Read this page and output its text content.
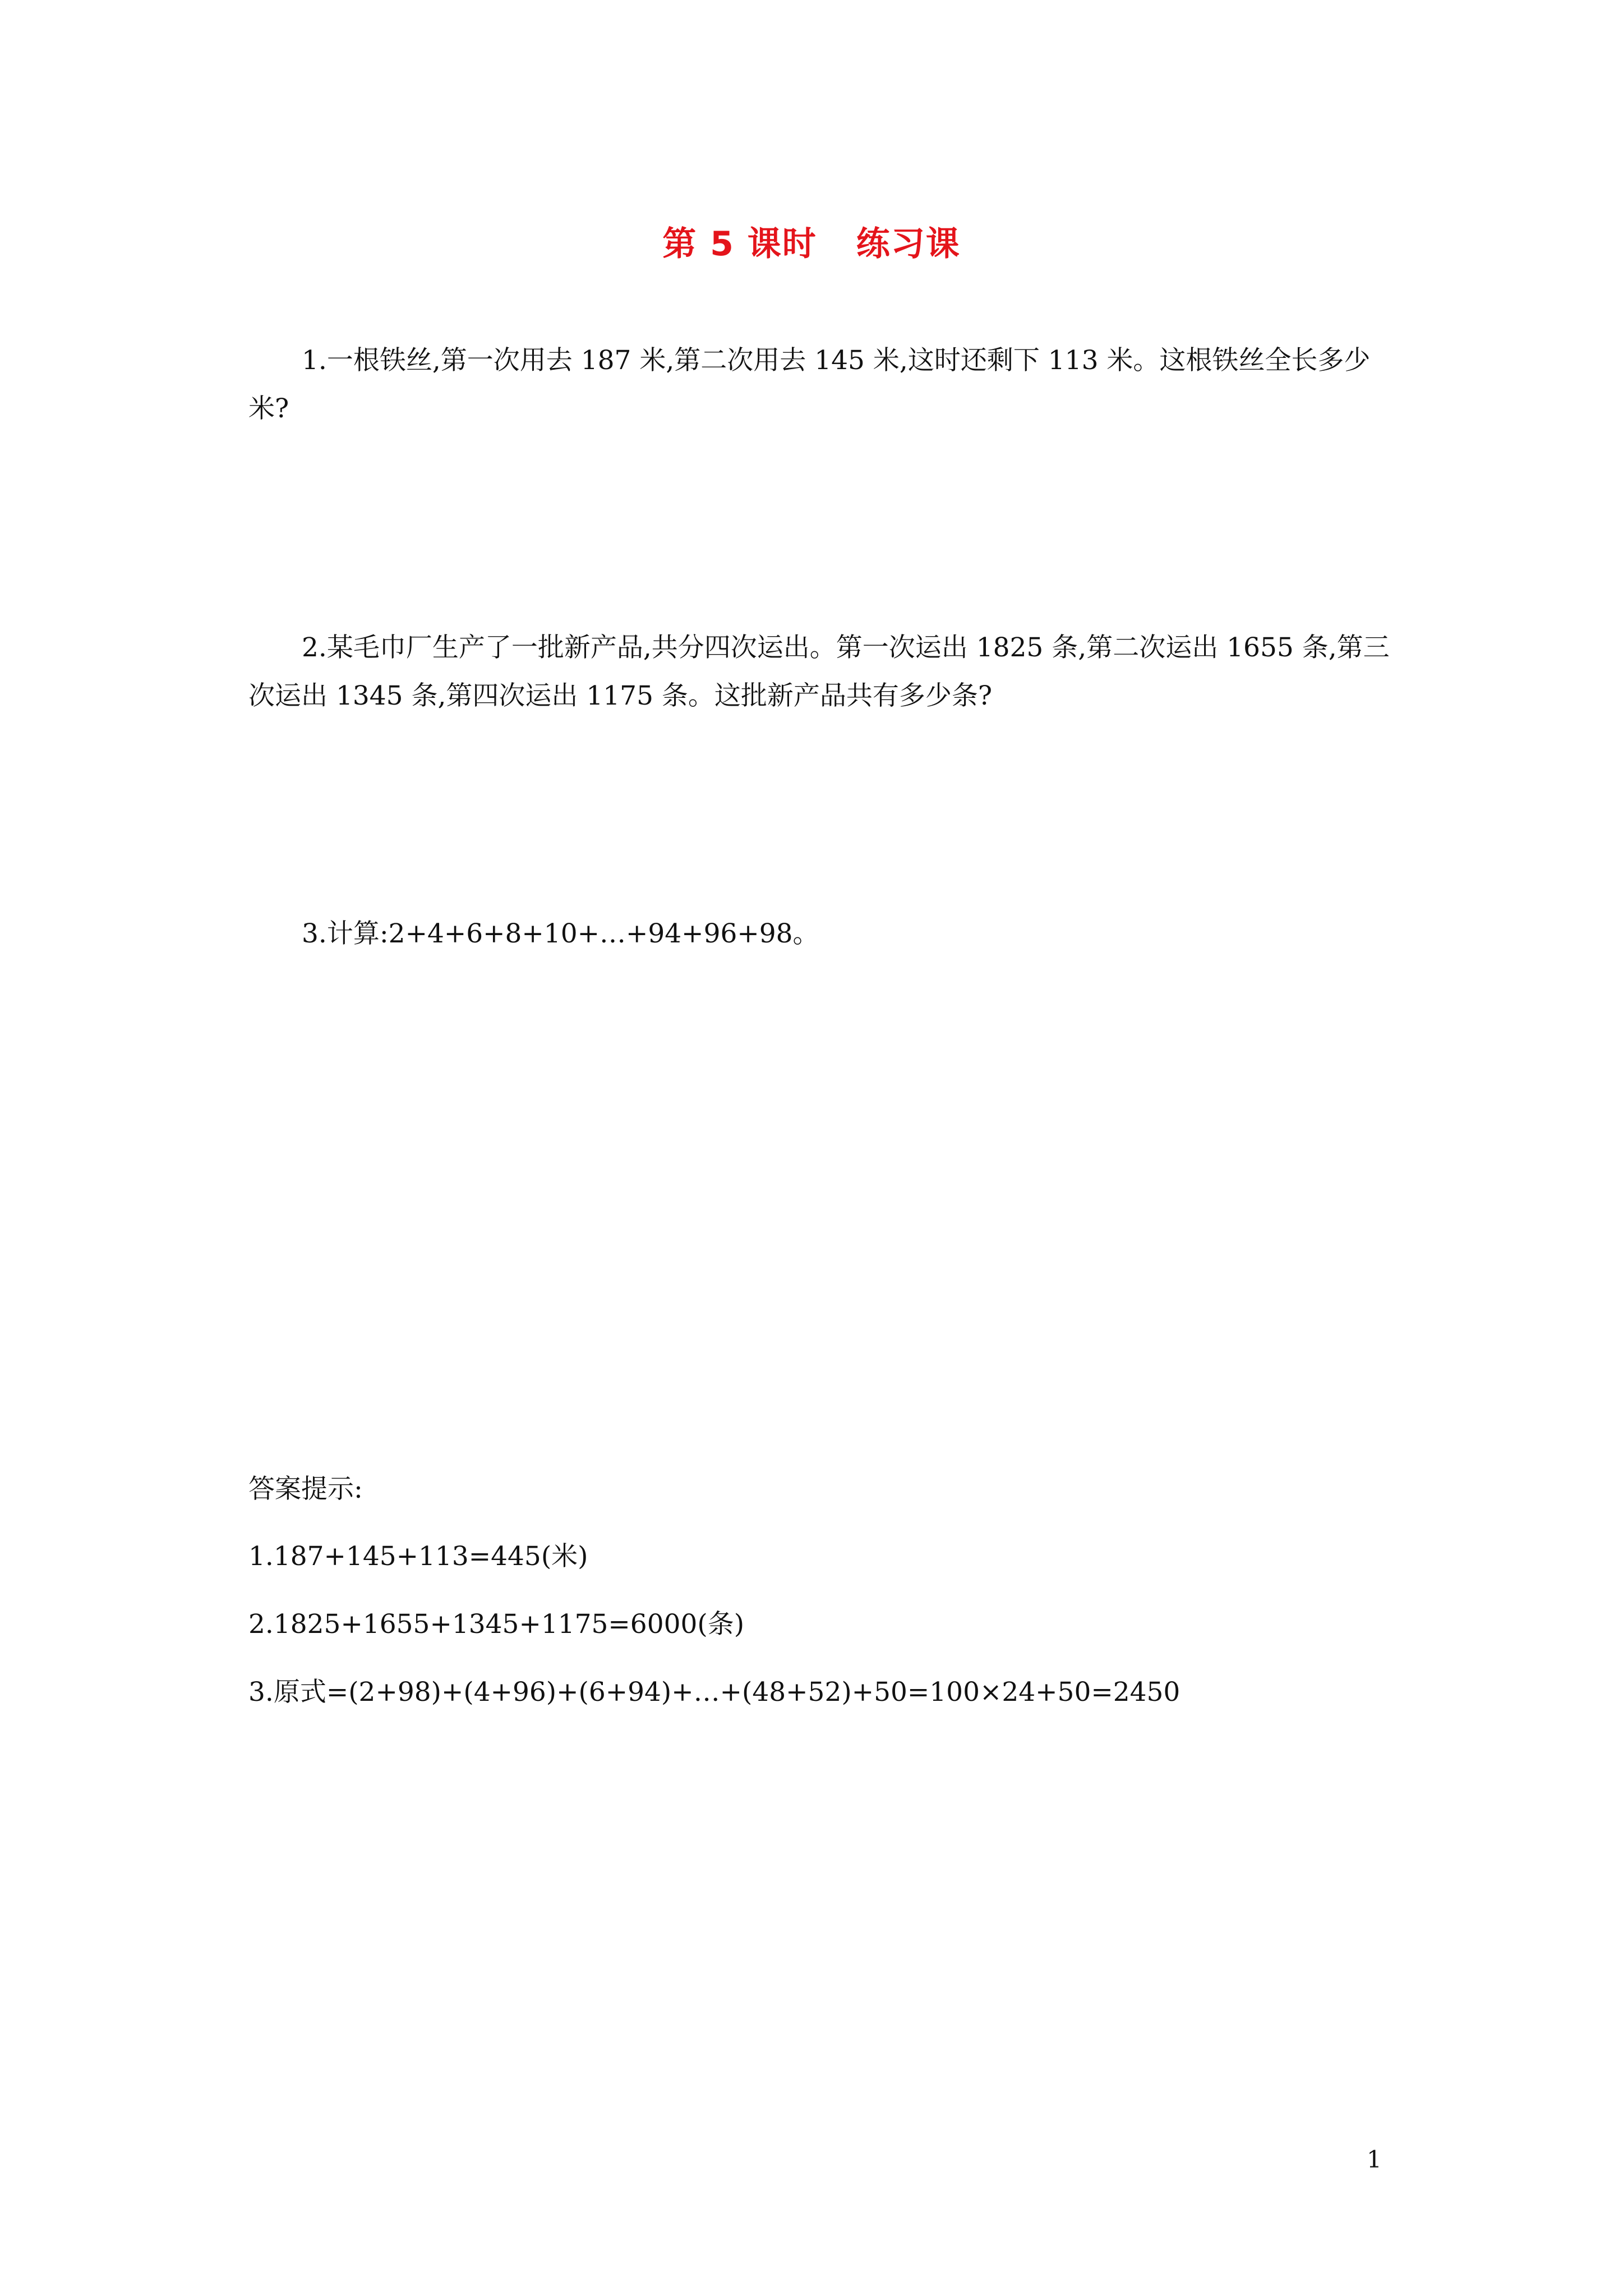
第 5 课时 练习课

1.一根铁丝,第一次用去 187 米,第二次用去 145 米,这时还剩下 113 米。这根铁丝全长多少米?

2.某毛巾厂生产了一批新产品,共分四次运出。第一次运出 1825 条,第二次运出 1655 条,第三次运出 1345 条,第四次运出 1175 条。这批新产品共有多少条?

3.计算:2+4+6+8+10+…+94+96+98。

答案提示:
1.187+145+113=445(米)
2.1825+1655+1345+1175=6000(条)
3.原式=(2+98)+(4+96)+(6+94)+…+(48+52)+50=100×24+50=2450
1
